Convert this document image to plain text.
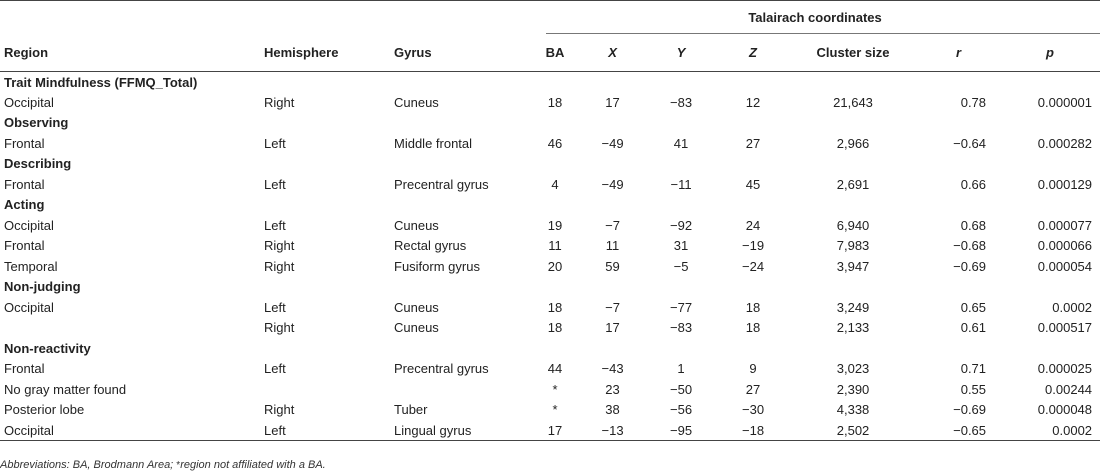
			Talairach coordinates						
Region	Hemisphere	Gyrus	BA	X	Y	Z	Cluster size	r	p
Trait Mindfulness (FFMQ_Total)									
Occipital	Right	Cuneus	18	17	−83	12	21,643	0.78	0.000001
Observing									
Frontal	Left	Middle frontal	46	−49	41	27	2,966	−0.64	0.000282
Describing									
Frontal	Left	Precentral gyrus	4	−49	−11	45	2,691	0.66	0.000129
Acting									
Occipital	Left	Cuneus	19	−7	−92	24	6,940	0.68	0.000077
Frontal	Right	Rectal gyrus	11	11	31	−19	7,983	−0.68	0.000066
Temporal	Right	Fusiform gyrus	20	59	−5	−24	3,947	−0.69	0.000054
Non-judging									
Occipital	Left	Cuneus	18	−7	−77	18	3,249	0.65	0.0002
	Right	Cuneus	18	17	−83	18	2,133	0.61	0.000517
Non-reactivity									
Frontal	Left	Precentral gyrus	44	−43	1	9	3,023	0.71	0.000025
No gray matter found			*	23	−50	27	2,390	0.55	0.00244
Posterior lobe	Right	Tuber	*	38	−56	−30	4,338	−0.69	0.000048
Occipital	Left	Lingual gyrus	17	−13	−95	−18	2,502	−0.65	0.0002
Abbreviations: BA, Brodmann Area; *region not affiliated with a BA.
